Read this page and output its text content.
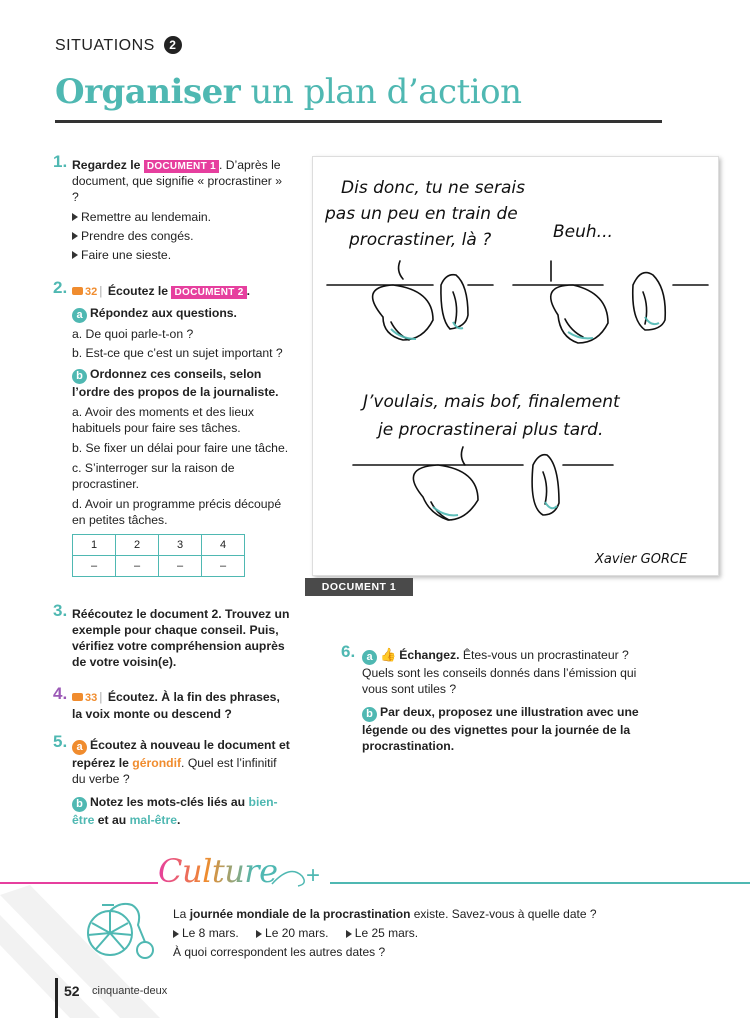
SITUATIONS 2
Organiser un plan d’action
1. Regardez le DOCUMENT 1 . D’après le document, que signifie « procrastiner » ?
Remettre au lendemain.
Prendre des congés.
Faire une sieste.
2.	32 | Écoutez le DOCUMENT 2 .
a Répondez aux questions.
a. De quoi parle-t-on ?
b. Est-ce que c’est un sujet important ?
b Ordonnez ces conseils, selon l’ordre des propos de la journaliste.
a. Avoir des moments et des lieux habituels pour faire ses tâches.
b. Se fixer un délai pour faire une tâche.
c. S’interroger sur la raison de procrastiner.
d. Avoir un programme précis découpé en petites tâches.
1	2	3	4
–	–	–	–
3. Réécoutez le document 2. Trouvez un exemple pour chaque conseil. Puis, vérifiez votre compréhension auprès de votre voisin(e).
4. 33 | Écoutez. À la fin des phrases, la voix monte ou descend ?
5. a Écoutez à nouveau le document et repérez le gérondif. Quel est l’infinitif du verbe ?
b Notez les mots-clés liés au bien-être et au mal-être.
Dis donc, tu ne serais
pas un peu en train de
procrastiner, là ?	Beuh...
J’voulais, mais bof, finalement
je procrastinerai plus tard.
Xavier GORCE
DOCUMENT 1
6.	a 👍 Échangez. Êtes-vous un procrastinateur ? Quels sont les conseils donnés dans l’émission qui vous sont utiles ?
b Par deux, proposez une illustration avec une légende ou des vignettes pour la journée de la procrastination.
Culture +
La journée mondiale de la procrastination existe. Savez-vous à quelle date ?
Le 8 mars. Le 20 mars. Le 25 mars.
À quoi correspondent les autres dates ?
52 cinquante-deux
